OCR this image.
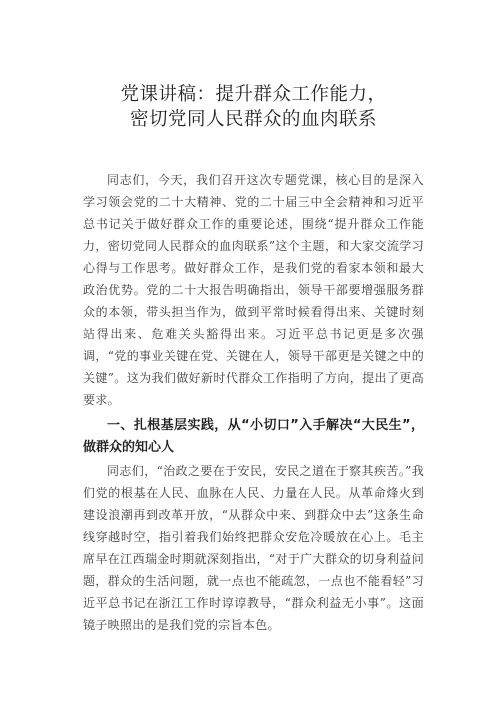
党课讲稿：提升群众工作能力，
密切党同人民群众的血肉联系

同志们，今天，我们召开这次专题党课，核心目的是深入学习领会党的二十大精神、党的二十届三中全会精神和习近平总书记关于做好群众工作的重要论述，围绕“提升群众工作能力，密切党同人民群众的血肉联系”这个主题，和大家交流学习心得与工作思考。做好群众工作，是我们党的看家本领和最大政治优势。党的二十大报告明确指出，领导干部要增强服务群众的本领，带头担当作为，做到平常时候看得出来、关键时刻站得出来、危难关头豁得出来。习近平总书记更是多次强调，“党的事业关键在党、关键在人，领导干部更是关键之中的关键”。这为我们做好新时代群众工作指明了方向，提出了更高要求。

一、扎根基层实践，从“小切口”入手解决“大民生”，做群众的知心人

同志们，“治政之要在于安民，安民之道在于察其疾苦。”我们党的根基在人民、血脉在人民、力量在人民。从革命烽火到建设浪潮再到改革开放，“从群众中来、到群众中去”这条生命线穿越时空，指引着我们始终把群众安危冷暖放在心上。毛主席早在江西瑞金时期就深刻指出，“对于广大群众的切身利益问题，群众的生活问题，就一点也不能疏忽，一点也不能看轻”习近平总书记在浙江工作时谆谆教导，“群众利益无小事”。这面镜子映照出的是我们党的宗旨本色。
